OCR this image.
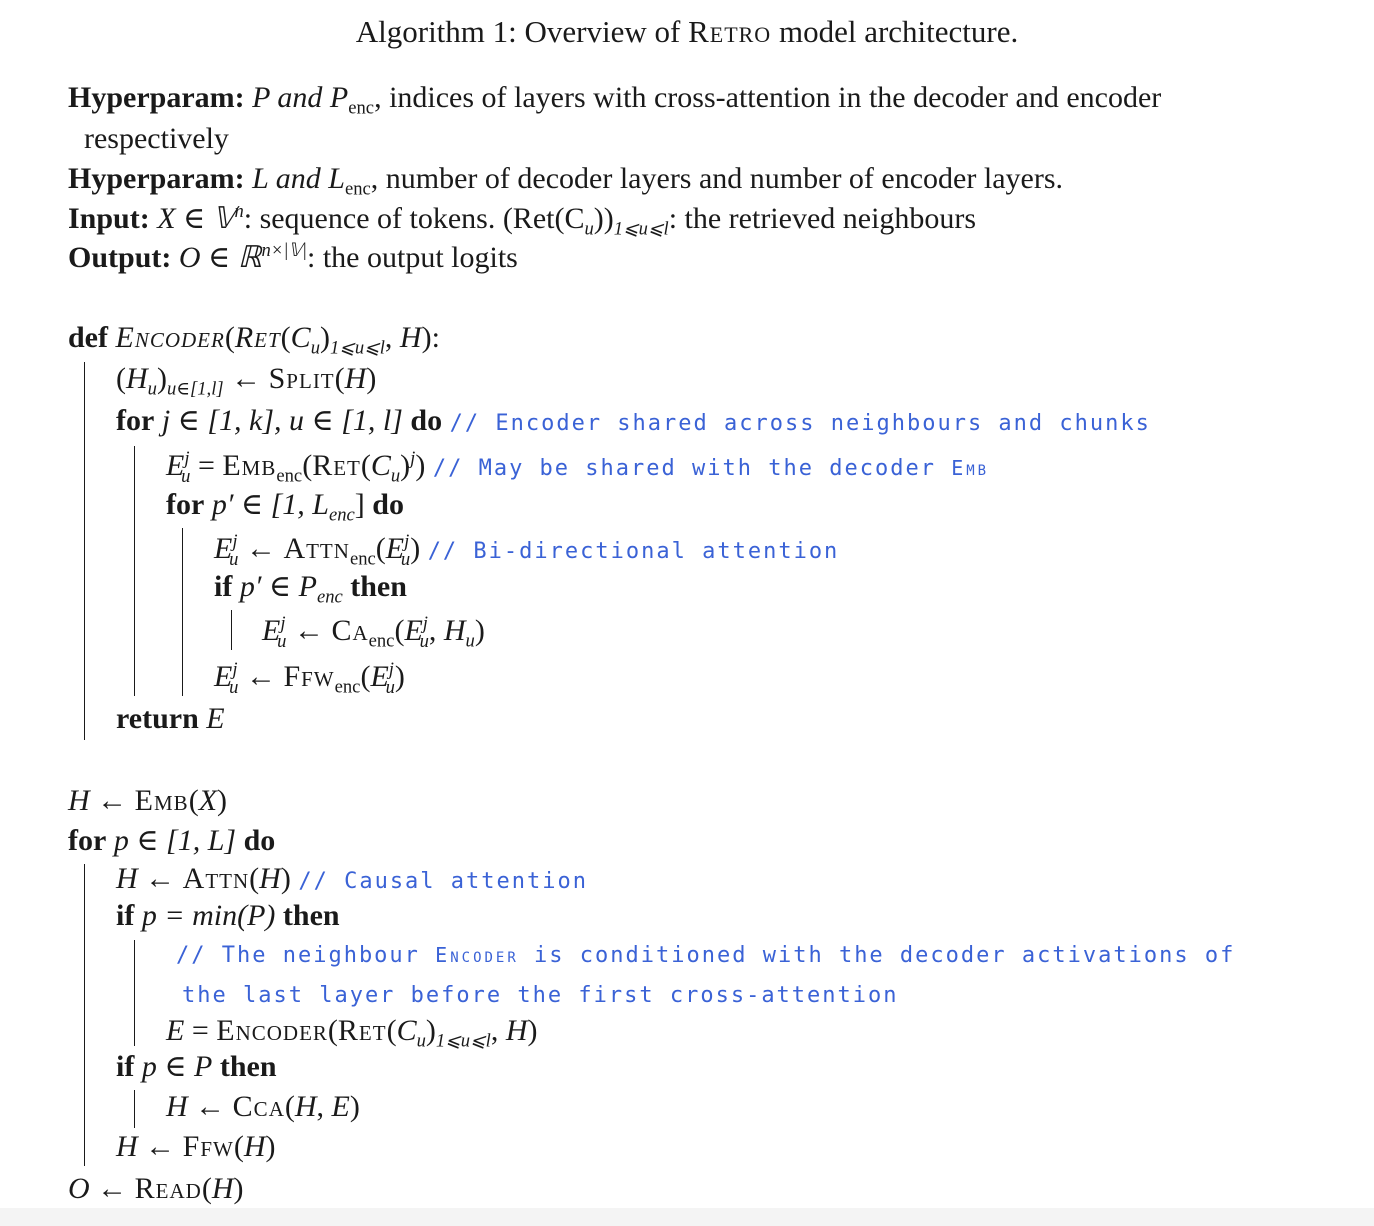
Algorithm 1: Overview of Retro model architecture.
Hyperparam: P and $P_{enc}$, indices of layers with cross-attention in the decoder and encoder
respectively
Hyperparam: L and $L_{enc}$, number of decoder layers and number of encoder layers.
Input: X ∈ 𝕍$^n$: sequence of tokens. $(Ret(C_u))_{1⩽u⩽l}$: the retrieved neighbours
Output: O ∈ ℝ$^{n\times|𝕍|}$: the output logits
def $Encoder(Ret(C_u)_{1⩽u⩽l}$, H):
$(H_u)_{u\in[1,l]}$ ← Split(H)
for j ∈ [1, k], u ∈ [1, l] do // Encoder shared across neighbours and chunks
$E^j_u = Emb_{enc}(Ret(C_u)^j)$ // May be shared with the decoder Emb
for p′ ∈ [1, $L_{enc}$] do
$E^j_u$ ← $Attn_{enc}(E^j_u)$ // Bi-directional attention
if p′ ∈ $P_{enc}$ then
$E^j_u$ ← $Ca_{enc}(E^j_u$, $H_u$)
$E^j_u$ ← $Ffw_{enc}(E^j_u)$
return E
H ← Emb(X)
for p ∈ [1, L] do
H ← Attn(H) // Causal attention
if p = min(P) then
// The neighbour Encoder is conditioned with the decoder activations of
the last layer before the first cross-attention
$E = Encoder(Ret(C_u)_{1⩽u⩽l}$, H)
if p ∈ P then
H ← Cca(H, E)
H ← Ffw(H)
O ← Read(H)
